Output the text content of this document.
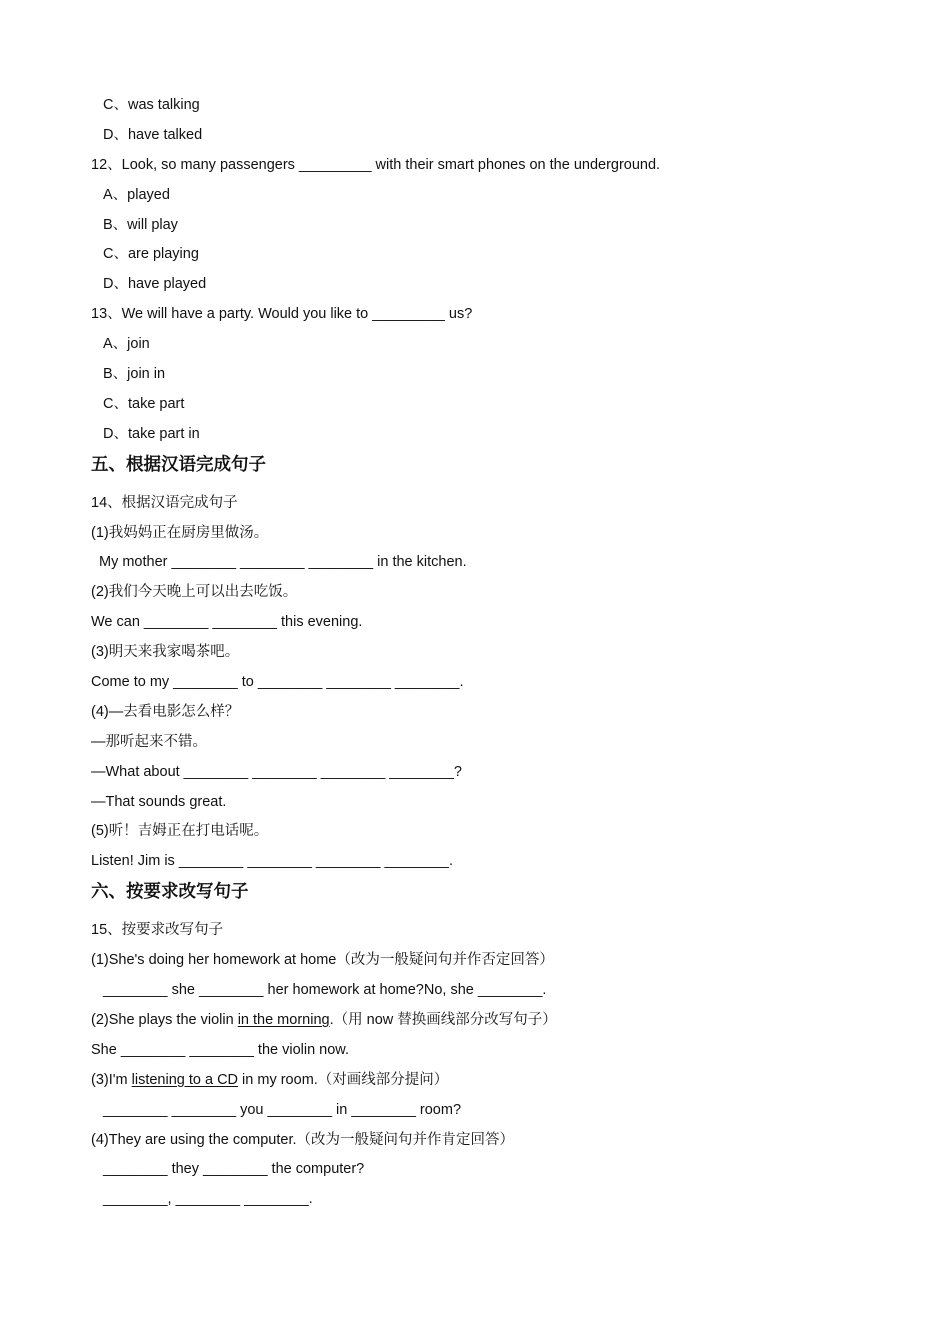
C、was talking
D、have talked
12、Look, so many passengers _________ with their smart phones on the underground.
A、played
B、will play
C、are playing
D、have played
13、We will have a party. Would you like to _________ us?
A、join
B、join in
C、take part
D、take part in
五、根据汉语完成句子
14、根据汉语完成句子
(1)我妈妈正在厨房里做汤。
My mother ________ ________ ________ in the kitchen.
(2)我们今天晚上可以出去吃饭。
We can ________ ________ this evening.
(3)明天来我家喝茶吧。
Come to my ________ to ________ ________ ________.
(4)—去看电影怎么样？
—那听起来不错。
—What about ________ ________ ________ ________?
—That sounds great.
(5)听！吉姆正在打电话呢。
Listen! Jim is ________ ________ ________ ________.
六、按要求改写句子
15、按要求改写句子
(1)She's doing her homework at home（改为一般疑问句并作否定回答）
________ she ________ her homework at home?No, she ________.
(2)She plays the violin in the morning.（用 now 替换画线部分改写句子）
She ________ ________ the violin now.
(3)I'm listening to a CD in my room.（对画线部分提问）
________ ________ you ________ in ________ room?
(4)They are using the computer.（改为一般疑问句并作肯定回答）
________ they ________ the computer?
________, ________ ________.
